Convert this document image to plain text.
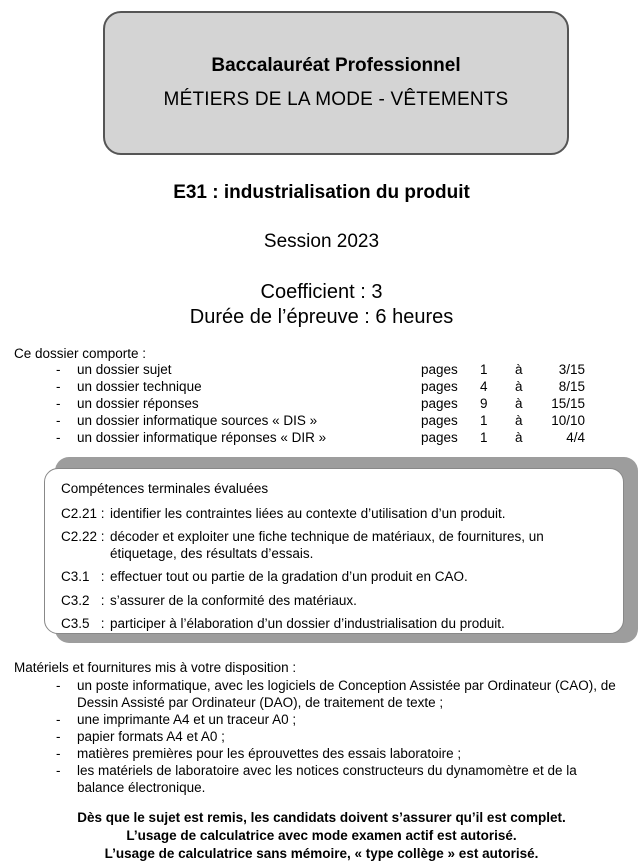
Baccalauréat Professionnel
MÉTIERS DE LA MODE - VÊTEMENTS
E31 : industrialisation du produit
Session 2023
Coefficient : 3
Durée de l’épreuve : 6 heures
Ce dossier comporte :
- un dossier sujet	pages 1 à	3/15
- un dossier technique	pages 4 à	8/15
- un dossier réponses	pages 9 à 15/15
- un dossier informatique sources « DIS »	pages 1 à 10/10
- un dossier informatique réponses « DIR »	pages 1 à	4/4
Compétences terminales évaluées
C2.21 : identifier les contraintes liées au contexte d’utilisation d’un produit.
C2.22 : décoder et exploiter une fiche technique de matériaux, de fournitures, un étiquetage, des résultats d’essais.
C3.1   : effectuer tout ou partie de la gradation d’un produit en CAO.
C3.2   : s’assurer de la conformité des matériaux.
C3.5   : participer à l’élaboration d’un dossier d’industrialisation du produit.
Matériels et fournitures mis à votre disposition :
- un poste informatique, avec les logiciels de Conception Assistée par Ordinateur (CAO), de Dessin Assisté par Ordinateur (DAO), de traitement de texte ;
- une imprimante A4 et un traceur A0 ;
- papier formats A4 et A0 ;
- matières premières pour les éprouvettes des essais laboratoire ;
- les matériels de laboratoire avec les notices constructeurs du dynamomètre et de la balance électronique.
Dès que le sujet est remis, les candidats doivent s’assurer qu’il est complet.
L’usage de calculatrice avec mode examen actif est autorisé.
L’usage de calculatrice sans mémoire, « type collège » est autorisé.
